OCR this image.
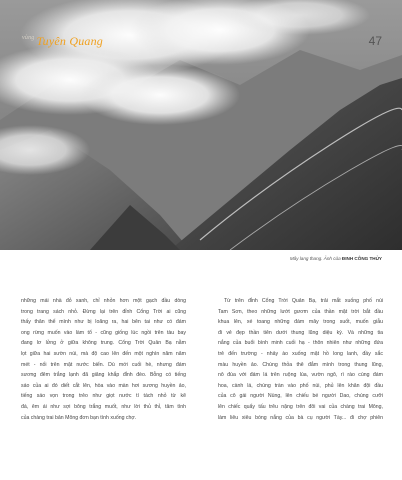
vùng Tuyên Quang	47
Mây lang thang. Ảnh của ĐINH CÔNG THỦY
những mái nhà đỏ xanh, chỉ nhỏn hơn một gạch đầu dòng
trong trang sách nhỏ. Đừng lại trên đỉnh Cổng Trời ai cũng
thấy thân thể mình như bị loãng ra, hai bên tai như có đám
ong rừng muốn vào làm tổ - cũng giống lúc ngồi trên tàu bay
đang lơ lửng ở giữa không trung. Cổng Trời Quản Bạ nằm
lọt giữa hai sườn núi, mà độ cao lên đến một nghìn năm năm
mét - nối trên mặt nước biển. Dù mới cuối hè, nhưng đám
sương đêm trắng lạnh đã giăng khắp đỉnh đèo. Bỗng có tiếng
sáo của ai đó diết cắt lên, hòa vào màn hơi sương huyền ảo,
tiếng sáo vọn trong trẻo như giọt nước tí tách nhỏ từ kẽ
đá, êm ái như sợi bông trắng muốt, như lời thủ thỉ, tâm tình
của chàng trai bản Mông đơn bạn tình xuống chợ.
Từ trên đỉnh Cổng Trời Quản Bạ, trải mắt xuống phố núi
Tam Sơn, theo những lướt gươm của thần mặt trời bắt đầu
khua lên, xé toang những đám mây trong suốt, muốn giẫu
đi vẻ đẹp thần tiên dưới thung lũng diệu kỳ. Và những tia
nắng của buổi bình minh cuối hạ - thôn nhiên như những đứa
trẻ đến trường - nhảy ào xuống mặt hồ long lanh, đầy sắc
màu huyền ảo. Chúng thỏa thê đắm mình trong thung lũng,
nô đùa với đám lá trên ruộng lúa, vườn ngô, rì rào cùng đám
hoa, cành lá, chúng tràn vào phố núi, phủ lên khăn đội đầu
của cô gái người Nùng, lên chiếu bé người Dao, chúng cưỡi
lên chiếc quẩy tấu trêu nặng trên đôi vai của chàng trai Mông,
làm liêu xiêu bóng nắng của bà cụ người Tày... đi chợ phiên
